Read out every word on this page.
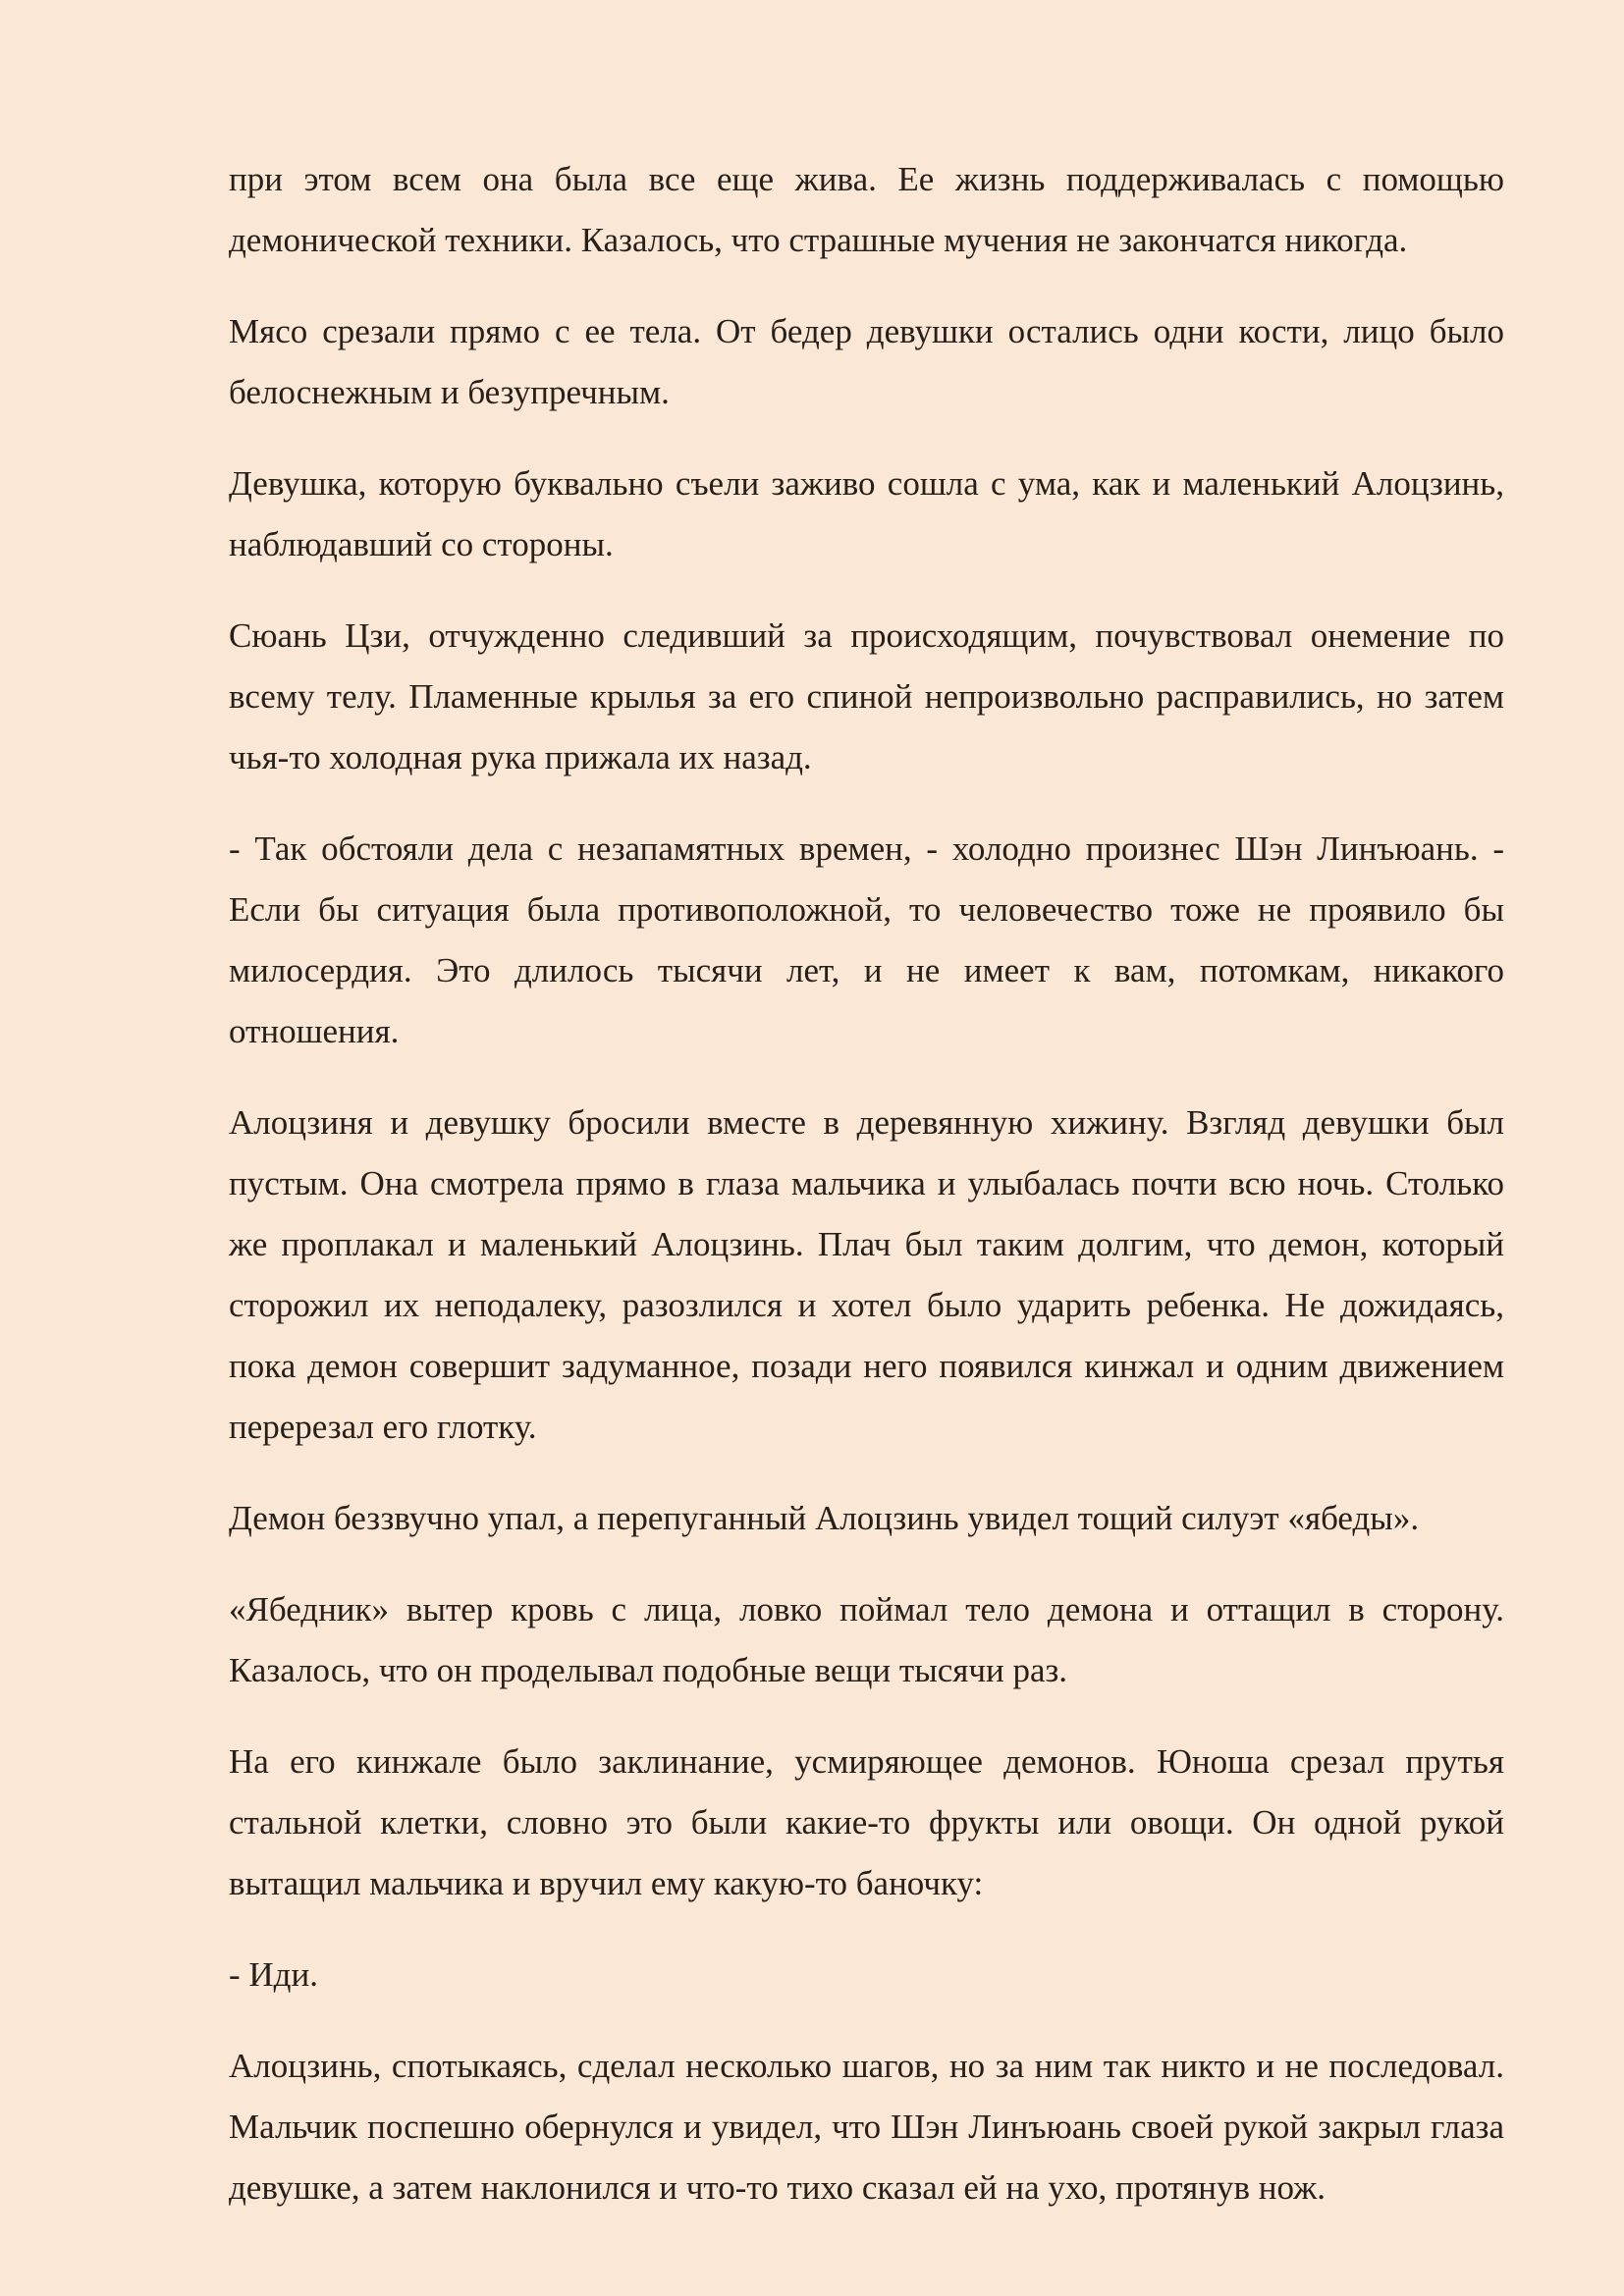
при этом всем она была все еще жива. Ее жизнь поддерживалась с помощью демонической техники. Казалось, что страшные мучения не закончатся никогда.

Мясо срезали прямо с ее тела. От бедер девушки остались одни кости, лицо было белоснежным и безупречным.

Девушка, которую буквально съели заживо сошла с ума, как и маленький Алоцзинь, наблюдавший со стороны.

Сюань Цзи, отчужденно следивший за происходящим, почувствовал онемение по всему телу. Пламенные крылья за его спиной непроизвольно расправились, но затем чья-то холодная рука прижала их назад.

- Так обстояли дела с незапамятных времен, - холодно произнес Шэн Линъюань. - Если бы ситуация была противоположной, то человечество тоже не проявило бы милосердия. Это длилось тысячи лет, и не имеет к вам, потомкам, никакого отношения.

Алоцзиня и девушку бросили вместе в деревянную хижину. Взгляд девушки был пустым. Она смотрела прямо в глаза мальчика и улыбалась почти всю ночь. Столько же проплакал и маленький Алоцзинь. Плач был таким долгим, что демон, который сторожил их неподалеку, разозлился и хотел было ударить ребенка. Не дожидаясь, пока демон совершит задуманное, позади него появился кинжал и одним движением перерезал его глотку.

Демон беззвучно упал, а перепуганный Алоцзинь увидел тощий силуэт «ябеды».

«Ябедник» вытер кровь с лица, ловко поймал тело демона и оттащил в сторону. Казалось, что он проделывал подобные вещи тысячи раз.

На его кинжале было заклинание, усмиряющее демонов. Юноша срезал прутья стальной клетки, словно это были какие-то фрукты или овощи. Он одной рукой вытащил мальчика и вручил ему какую-то баночку:

- Иди.

Алоцзинь, спотыкаясь, сделал несколько шагов, но за ним так никто и не последовал. Мальчик поспешно обернулся и увидел, что Шэн Линъюань своей рукой закрыл глаза девушке, а затем наклонился и что-то тихо сказал ей на ухо, протянув нож.
